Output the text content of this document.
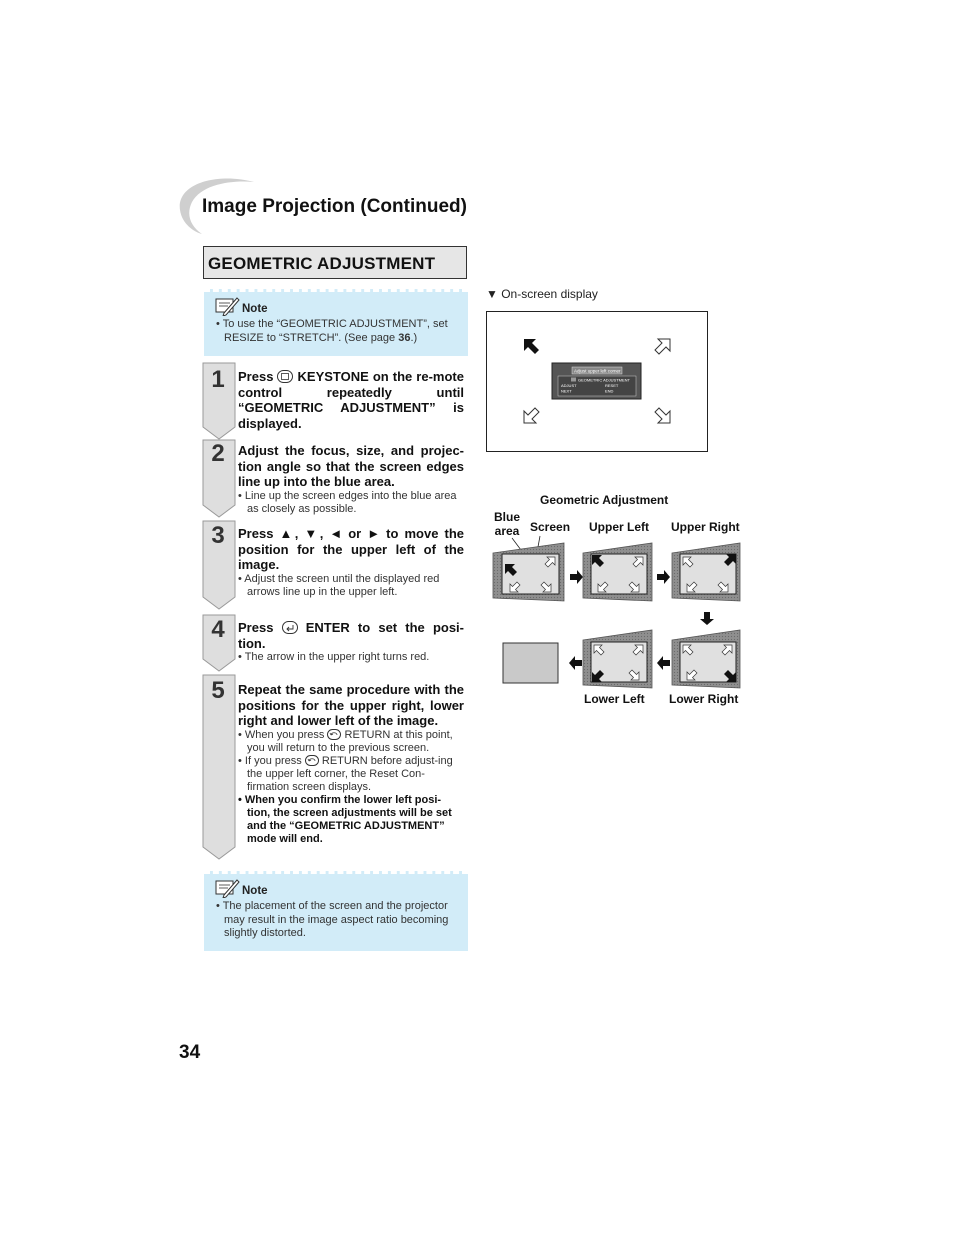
Image Projection (Continued)
GEOMETRIC ADJUSTMENT
Note
• To use the “GEOMETRIC ADJUSTMENT”, set RESIZE to “STRETCH”. (See page 36.)
1
2
3
4
5
Press  KEYSTONE on the re-mote control repeatedly until “GEOMETRIC ADJUSTMENT” is displayed.
Adjust the focus, size, and projec-tion angle so that the screen edges line up into the blue area.
• Line up the screen edges into the blue area as closely as possible.
Press ▲, ▼, ◄ or ► to move the position for the upper left of the image.
• Adjust the screen until the displayed red arrows line up in the upper left.
Press  ENTER to set the posi-tion.
• The arrow in the upper right turns red.
Repeat the same procedure with the positions for the upper right, lower right and lower left of the image.
• When you press  RETURN at this point, you will return to the previous screen.
• If you press  RETURN before adjust-ing the upper left corner, the Reset Con-firmation screen displays.
• When you confirm the lower left posi-tion, the screen adjustments will be set and the “GEOMETRIC ADJUSTMENT” mode will end.
Note
• The placement of the screen and the projector may result in the image aspect ratio becoming slightly distorted.
▼ On-screen display
Adjust upper left corner
GEOMETRIC ADJUSTMENT
ADJUST	RESET
NEXT	END
Geometric Adjustment
Blue
area Screen Upper Left Upper Right
Lower Left Lower Right
34
